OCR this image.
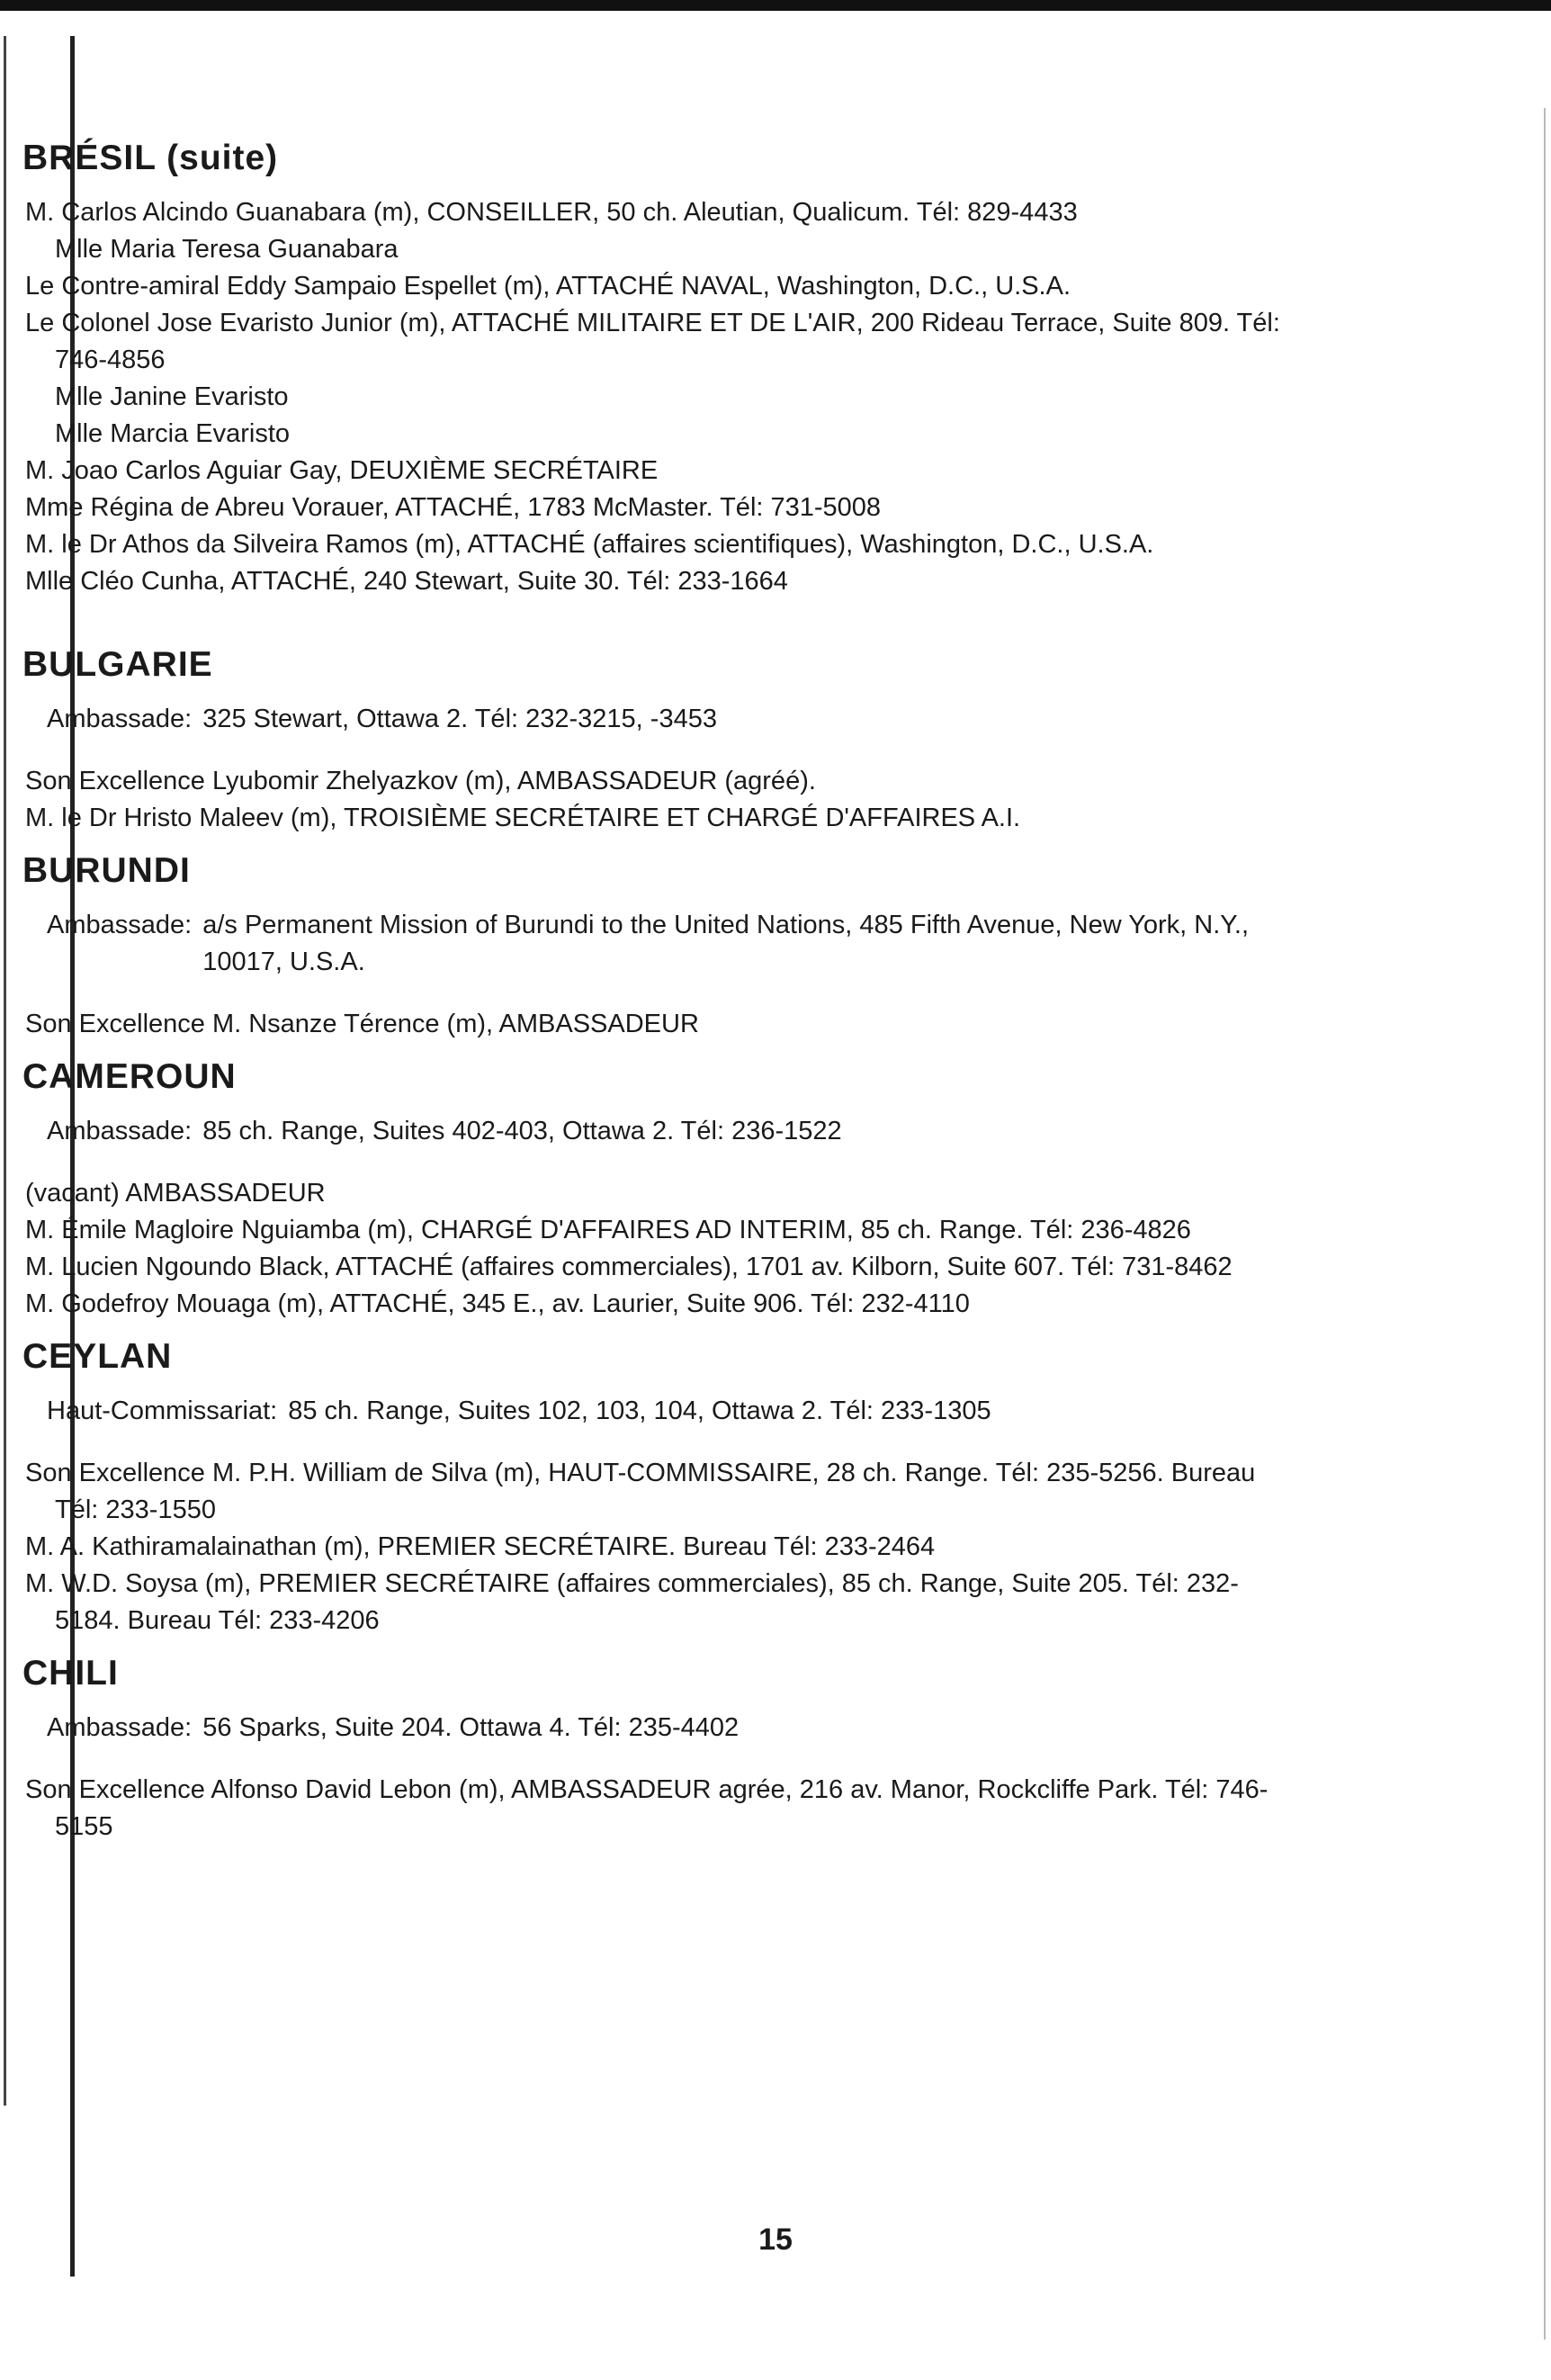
BRÉSIL (suite)

M. Carlos Alcindo Guanabara (m), CONSEILLER, 50 ch. Aleutian, Qualicum. Tél: 829-4433

Mlle Maria Teresa Guanabara

Le Contre-amiral Eddy Sampaio Espellet (m), ATTACHÉ NAVAL, Washington, D.C., U.S.A.

Le Colonel Jose Evaristo Junior (m), ATTACHÉ MILITAIRE ET DE L'AIR, 200 Rideau Terrace, Suite 809. Tél: 746-4856

Mlle Janine Evaristo

Mlle Marcia Evaristo

M. Joao Carlos Aguiar Gay, DEUXIÈME SECRÉTAIRE

Mme Régina de Abreu Vorauer, ATTACHÉ, 1783 McMaster. Tél: 731-5008

M. le Dr Athos da Silveira Ramos (m), ATTACHÉ (affaires scientifiques), Washington, D.C., U.S.A.

Mlle Cléo Cunha, ATTACHÉ, 240 Stewart, Suite 30. Tél: 233-1664

BULGARIE
Ambassade: 325 Stewart, Ottawa 2. Tél: 232-3215, -3453

Son Excellence Lyubomir Zhelyazkov (m), AMBASSADEUR (agréé).

M. le Dr Hristo Maleev (m), TROISIÈME SECRÉTAIRE ET CHARGÉ D'AFFAIRES A.I.

BURUNDI
Ambassade: a/s Permanent Mission of Burundi to the United Nations, 485 Fifth Avenue, New York, N.Y., 10017, U.S.A.

Son Excellence M. Nsanze Térence (m), AMBASSADEUR

CAMEROUN
Ambassade: 85 ch. Range, Suites 402-403, Ottawa 2. Tél: 236-1522

(vacant) AMBASSADEUR

M. Émile Magloire Nguiamba (m), CHARGÉ D'AFFAIRES AD INTERIM, 85 ch. Range. Tél: 236-4826

M. Lucien Ngoundo Black, ATTACHÉ (affaires commerciales), 1701 av. Kilborn, Suite 607. Tél: 731-8462

M. Godefroy Mouaga (m), ATTACHÉ, 345 E., av. Laurier, Suite 906. Tél: 232-4110

CEYLAN
Haut-Commissariat: 85 ch. Range, Suites 102, 103, 104, Ottawa 2. Tél: 233-1305

Son Excellence M. P.H. William de Silva (m), HAUT-COMMISSAIRE, 28 ch. Range. Tél: 235-5256. Bureau Tél: 233-1550

M. A. Kathiramalainathan (m), PREMIER SECRÉTAIRE. Bureau Tél: 233-2464

M. W.D. Soysa (m), PREMIER SECRÉTAIRE (affaires commerciales), 85 ch. Range, Suite 205. Tél: 232-5184. Bureau Tél: 233-4206

CHILI
Ambassade: 56 Sparks, Suite 204. Ottawa 4. Tél: 235-4402

Son Excellence Alfonso David Lebon (m), AMBASSADEUR agrée, 216 av. Manor, Rockcliffe Park. Tél: 746-5155

15
